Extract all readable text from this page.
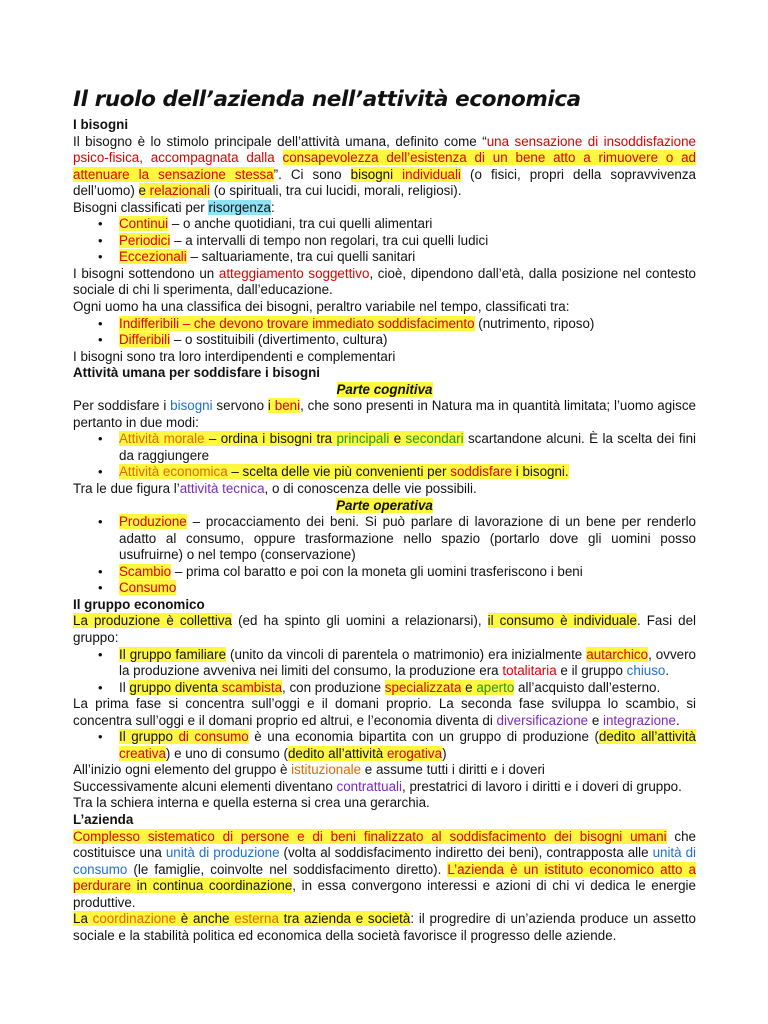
Il ruolo dell’azienda nell’attività economica
I bisogni

Il bisogno è lo stimolo principale dell’attività umana, definito come “una sensazione di insoddisfazione psico-fisica, accompagnata dalla consapevolezza dell’esistenza di un bene atto a rimuovere o ad attenuare la sensazione stessa”. Ci sono bisogni individuali (o fisici, propri della sopravvivenza dell’uomo) e relazionali (o spirituali, tra cui lucidi, morali, religiosi).

Bisogni classificati per risorgenza:

• Continui – o anche quotidiani, tra cui quelli alimentari
• Periodici – a intervalli di tempo non regolari, tra cui quelli ludici
• Eccezionali – saltuariamente, tra cui quelli sanitari

I bisogni sottendono un atteggiamento soggettivo, cioè, dipendono dall’età, dalla posizione nel contesto sociale di chi li sperimenta, dall’educazione.

Ogni uomo ha una classifica dei bisogni, peraltro variabile nel tempo, classificati tra:

• Indifferibili – che devono trovare immediato soddisfacimento (nutrimento, riposo)
• Differibili – o sostituibili (divertimento, cultura)

I bisogni sono tra loro interdipendenti e complementari

Attività umana per soddisfare i bisogni

Parte cognitiva

Per soddisfare i bisogni servono i beni, che sono presenti in Natura ma in quantità limitata; l’uomo agisce pertanto in due modi:

• Attività morale – ordina i bisogni tra principali e secondari scartandone alcuni. È la scelta dei fini da raggiungere
• Attività economica – scelta delle vie più convenienti per soddisfare i bisogni.

Tra le due figura l’attività tecnica, o di conoscenza delle vie possibili.

Parte operativa

• Produzione – procacciamento dei beni. Si può parlare di lavorazione di un bene per renderlo adatto al consumo, oppure trasformazione nello spazio (portarlo dove gli uomini posso usufruirne) o nel tempo (conservazione)
• Scambio – prima col baratto e poi con la moneta gli uomini trasferiscono i beni
• Consumo
Il gruppo economico

La produzione è collettiva (ed ha spinto gli uomini a relazionarsi), il consumo è individuale. Fasi del gruppo:

• Il gruppo familiare (unito da vincoli di parentela o matrimonio) era inizialmente autarchico, ovvero la produzione avveniva nei limiti del consumo, la produzione era totalitaria e il gruppo chiuso.
• Il gruppo diventa scambista, con produzione specializzata e aperto all’acquisto dall’esterno.

La prima fase si concentra sull’oggi e il domani proprio. La seconda fase sviluppa lo scambio, si concentra sull’oggi e il domani proprio ed altrui, e l’economia diventa di diversificazione e integrazione.

• Il gruppo di consumo è una economia bipartita con un gruppo di produzione (dedito all’attività creativa) e uno di consumo (dedito all’attività erogativa)

All’inizio ogni elemento del gruppo è istituzionale e assume tutti i diritti e i doveri

Successivamente alcuni elementi diventano contrattuali, prestatrici di lavoro i diritti e i doveri di gruppo.

Tra la schiera interna e quella esterna si crea una gerarchia.

L’azienda

Complesso sistematico di persone e di beni finalizzato al soddisfacimento dei bisogni umani che costituisce una unità di produzione (volta al soddisfacimento indiretto dei beni), contrapposta alle unità di consumo (le famiglie, coinvolte nel soddisfacimento diretto). L’azienda è un istituto economico atto a perdurare in continua coordinazione, in essa convergono interessi e azioni di chi vi dedica le energie produttive.

La coordinazione è anche esterna tra azienda e società: il progredire di un’azienda produce un assetto sociale e la stabilità politica ed economica della società favorisce il progresso delle aziende.
